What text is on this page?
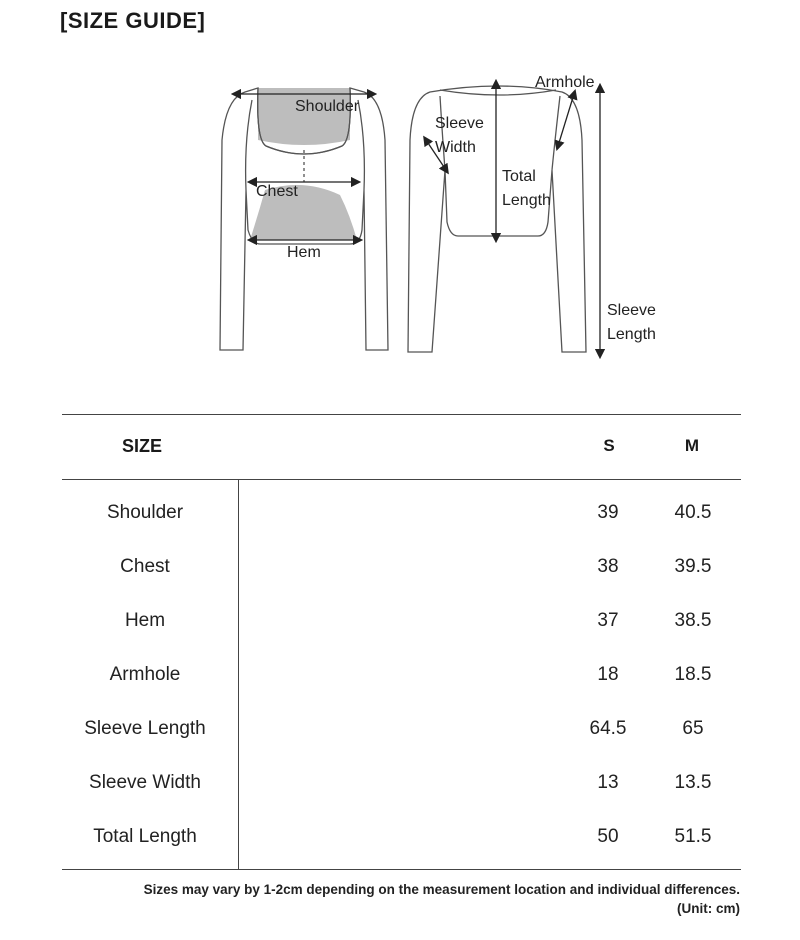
[SIZE GUIDE]
Shoulder
Chest
Hem
Armhole
Sleeve
Width
Total
Length
Sleeve
Length
SIZE	S	M
Shoulder	39	40.5
Chest	38	39.5
Hem	37	38.5
Armhole	18	18.5
Sleeve Length	64.5	65
Sleeve Width	13	13.5
Total Length	50	51.5
Sizes may vary by 1-2cm depending on the measurement location and individual differences.
(Unit: cm)
